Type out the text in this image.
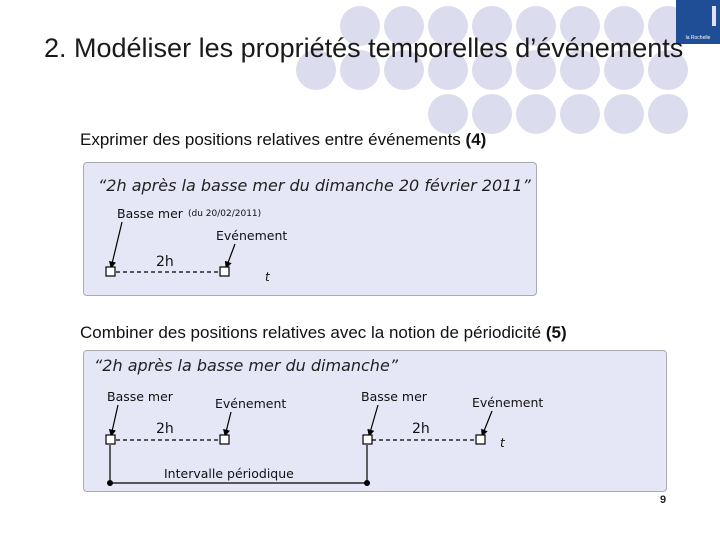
la Rochelle
2. Modéliser les propriétés temporelles d’événements
Exprimer des positions relatives entre événements (4)
“2h après la basse mer du dimanche 20 février 2011”
Basse mer (du 20/02/2011)
Evénement
2h
t
Combiner des positions relatives avec la notion de périodicité (5)
“2h après la basse mer du dimanche”
Basse mer	Evénement	Basse mer	Evénement
2h	2h
t
Intervalle périodique
9
